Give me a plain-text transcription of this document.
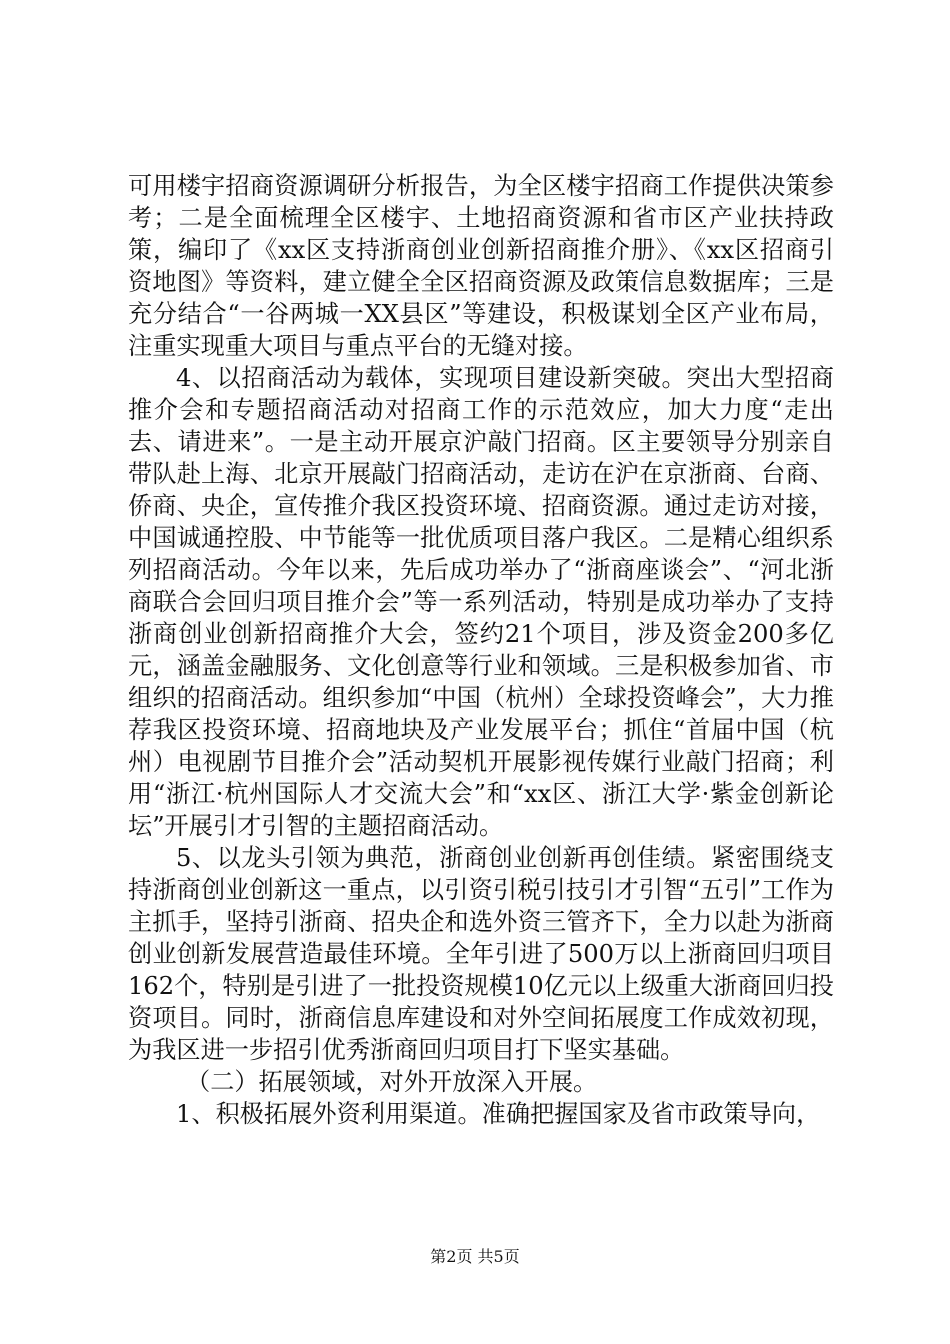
可用楼宇招商资源调研分析报告，为全区楼宇招商工作提供决策参考；二是全面梳理全区楼宇、土地招商资源和省市区产业扶持政策，编印了《xx区支持浙商创业创新招商推介册》、《xx区招商引资地图》等资料，建立健全全区招商资源及政策信息数据库；三是充分结合“一谷两城一XX县区”等建设，积极谋划全区产业布局，注重实现重大项目与重点平台的无缝对接。

4、以招商活动为载体，实现项目建设新突破。突出大型招商推介会和专题招商活动对招商工作的示范效应，加大力度“走出去、请进来”。一是主动开展京沪敲门招商。区主要领导分别亲自带队赴上海、北京开展敲门招商活动，走访在沪在京浙商、台商、侨商、央企，宣传推介我区投资环境、招商资源。通过走访对接，中国诚通控股、中节能等一批优质项目落户我区。二是精心组织系列招商活动。今年以来，先后成功举办了“浙商座谈会”、“河北浙商联合会回归项目推介会”等一系列活动，特别是成功举办了支持浙商创业创新招商推介大会，签约21个项目，涉及资金200多亿元，涵盖金融服务、文化创意等行业和领域。三是积极参加省、市组织的招商活动。组织参加“中国（杭州）全球投资峰会”，大力推荐我区投资环境、招商地块及产业发展平台；抓住“首届中国（杭州）电视剧节目推介会”活动契机开展影视传媒行业敲门招商；利用“浙江·杭州国际人才交流大会”和“xx区、浙江大学·紫金创新论坛”开展引才引智的主题招商活动。

5、以龙头引领为典范，浙商创业创新再创佳绩。紧密围绕支持浙商创业创新这一重点，以引资引税引技引才引智“五引”工作为主抓手，坚持引浙商、招央企和选外资三管齐下，全力以赴为浙商创业创新发展营造最佳环境。全年引进了500万以上浙商回归项目162个，特别是引进了一批投资规模10亿元以上级重大浙商回归投资项目。同时，浙商信息库建设和对外空间拓展度工作成效初现，为我区进一步招引优秀浙商回归项目打下坚实基础。

（二）拓展领域，对外开放深入开展。

1、积极拓展外资利用渠道。准确把握国家及省市政策导向，

第2页 共5页
